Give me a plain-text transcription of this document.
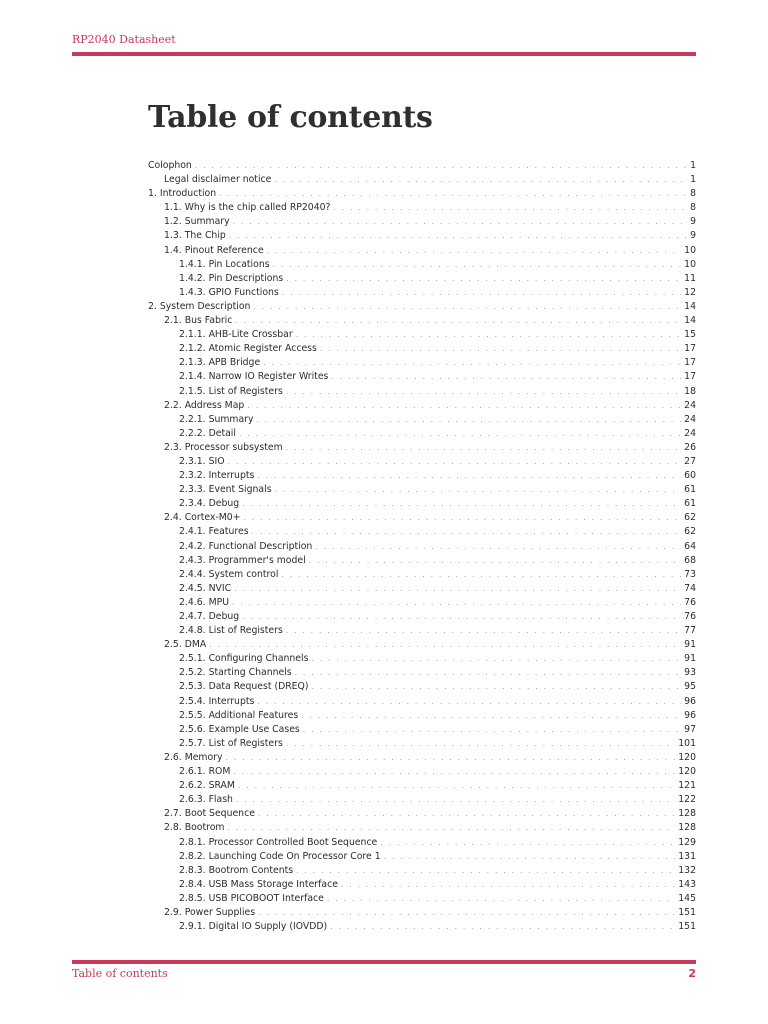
RP2040 Datasheet
Table of contents
Colophon . . .	1
Legal disclaimer notice . . .	1
1. Introduction . . .	8
1.1. Why is the chip called RP2040? . . .	8
1.2. Summary . . .	9
1.3. The Chip . . .	9
1.4. Pinout Reference . . .	10
1.4.1. Pin Locations . . .	10
1.4.2. Pin Descriptions . . .	11
1.4.3. GPIO Functions . . .	12
2. System Description . . .	14
2.1. Bus Fabric . . .	14
2.1.1. AHB-Lite Crossbar . . .	15
2.1.2. Atomic Register Access . . .	17
2.1.3. APB Bridge . . .	17
2.1.4. Narrow IO Register Writes . . .	17
2.1.5. List of Registers . . .	18
2.2. Address Map . . .	24
2.2.1. Summary . . .	24
2.2.2. Detail . . .	24
2.3. Processor subsystem . . .	26
2.3.1. SIO . . .	27
2.3.2. Interrupts . . .	60
2.3.3. Event Signals . . .	61
2.3.4. Debug . . .	61
2.4. Cortex-M0+ . . .	62
2.4.1. Features . . .	62
2.4.2. Functional Description . . .	64
2.4.3. Programmer's model . . .	68
2.4.4. System control . . .	73
2.4.5. NVIC . . .	74
2.4.6. MPU . . .	76
2.4.7. Debug . . .	76
2.4.8. List of Registers . . .	77
2.5. DMA . . .	91
2.5.1. Configuring Channels . . .	91
2.5.2. Starting Channels . . .	93
2.5.3. Data Request (DREQ) . . .	95
2.5.4. Interrupts . . .	96
2.5.5. Additional Features . . .	96
2.5.6. Example Use Cases . . .	97
2.5.7. List of Registers . . .	101
2.6. Memory . . .	120
2.6.1. ROM . . .	120
2.6.2. SRAM . . .	121
2.6.3. Flash . . .	122
2.7. Boot Sequence . . .	128
2.8. Bootrom . . .	128
2.8.1. Processor Controlled Boot Sequence . . .	129
2.8.2. Launching Code On Processor Core 1 . . .	131
2.8.3. Bootrom Contents . . .	132
2.8.4. USB Mass Storage Interface . . .	143
2.8.5. USB PICOBOOT Interface . . .	145
2.9. Power Supplies . . .	151
2.9.1. Digital IO Supply (IOVDD) . . .	151
Table of contents	2
